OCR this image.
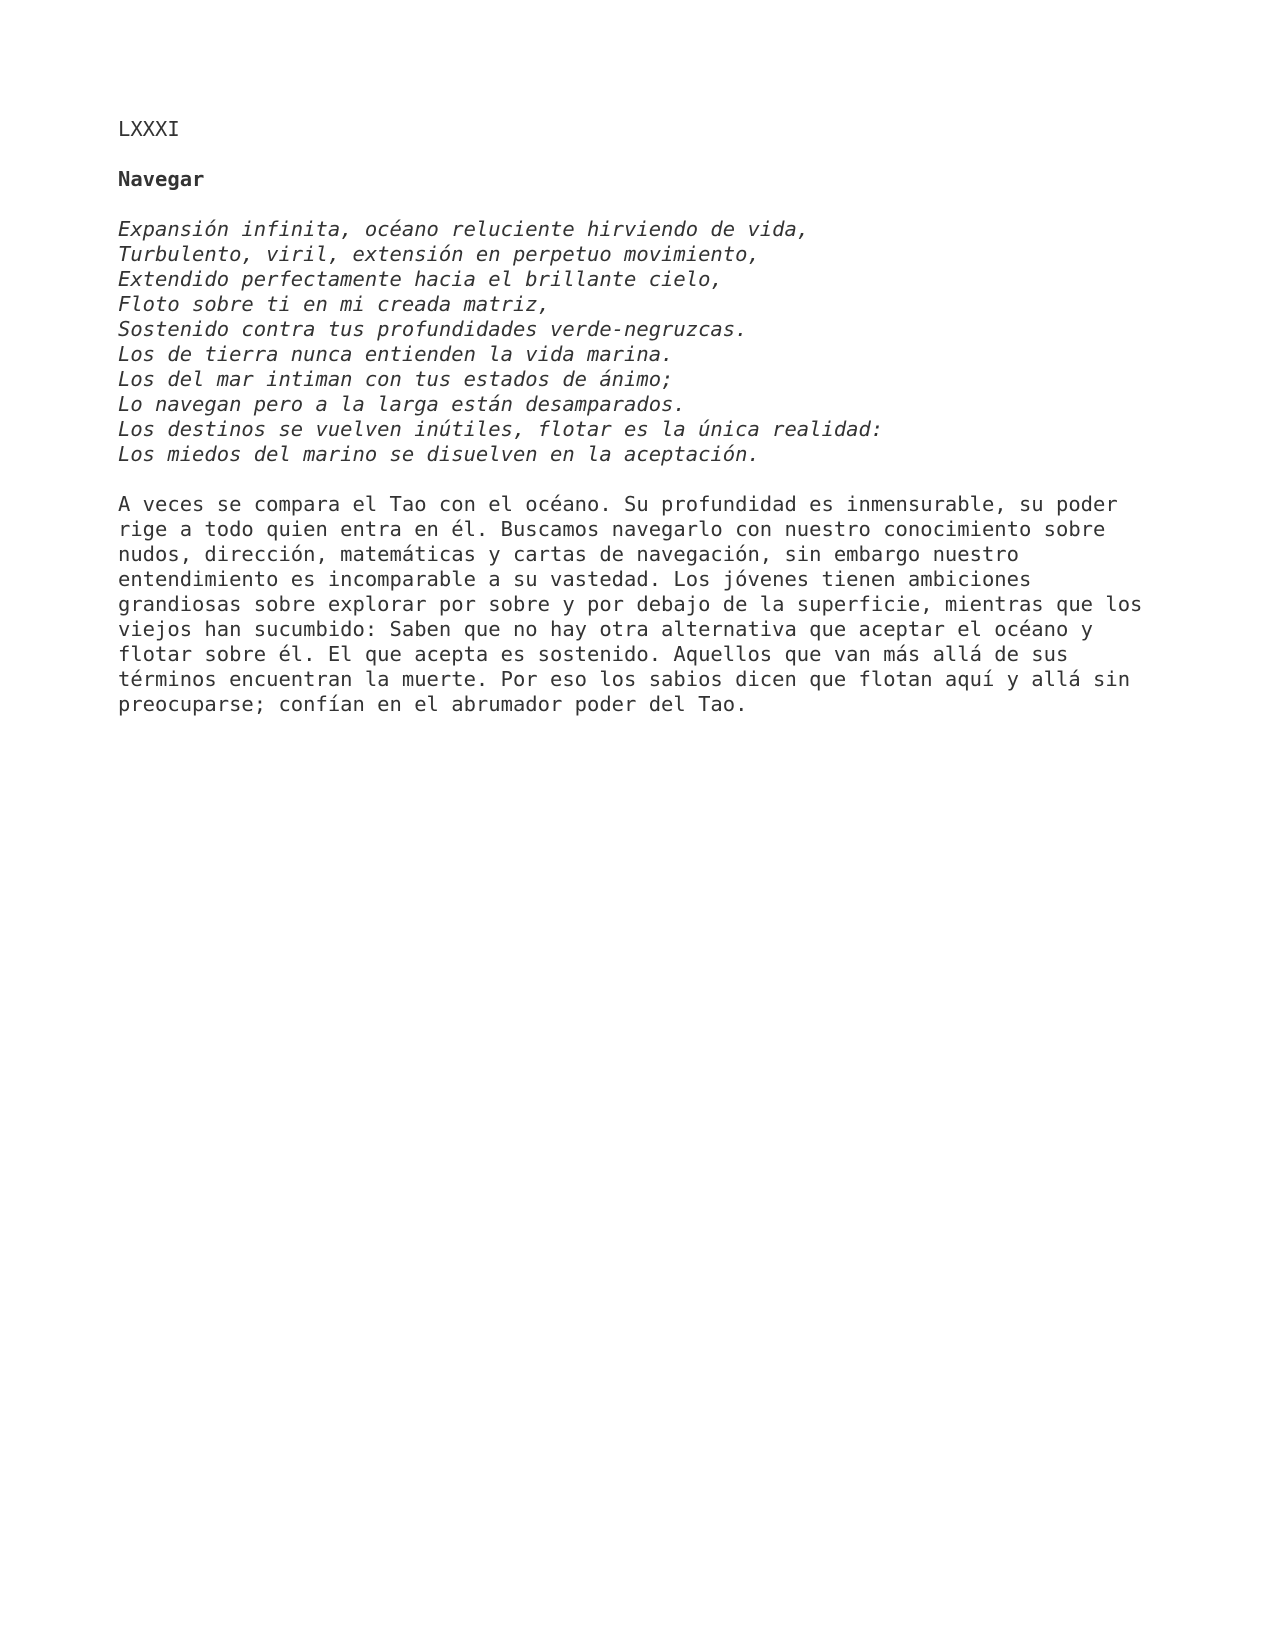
LXXXI
Navegar
Expansión infinita, océano reluciente hirviendo de vida,
Turbulento, viril, extensión en perpetuo movimiento,
Extendido perfectamente hacia el brillante cielo,
Floto sobre ti en mi creada matriz,
Sostenido contra tus profundidades verde-negruzcas.
Los de tierra nunca entienden la vida marina.
Los del mar intiman con tus estados de ánimo;
Lo navegan pero a la larga están desamparados.
Los destinos se vuelven inútiles, flotar es la única realidad:
Los miedos del marino se disuelven en la aceptación.
A veces se compara el Tao con el océano. Su profundidad es inmensurable, su poder
rige a todo quien entra en él. Buscamos navegarlo con nuestro conocimiento sobre
nudos, dirección, matemáticas y cartas de navegación, sin embargo nuestro
entendimiento es incomparable a su vastedad. Los jóvenes tienen ambiciones
grandiosas sobre explorar por sobre y por debajo de la superficie, mientras que los
viejos han sucumbido: Saben que no hay otra alternativa que aceptar el océano y
flotar sobre él. El que acepta es sostenido. Aquellos que van más allá de sus
términos encuentran la muerte. Por eso los sabios dicen que flotan aquí y allá sin
preocuparse; confían en el abrumador poder del Tao.
